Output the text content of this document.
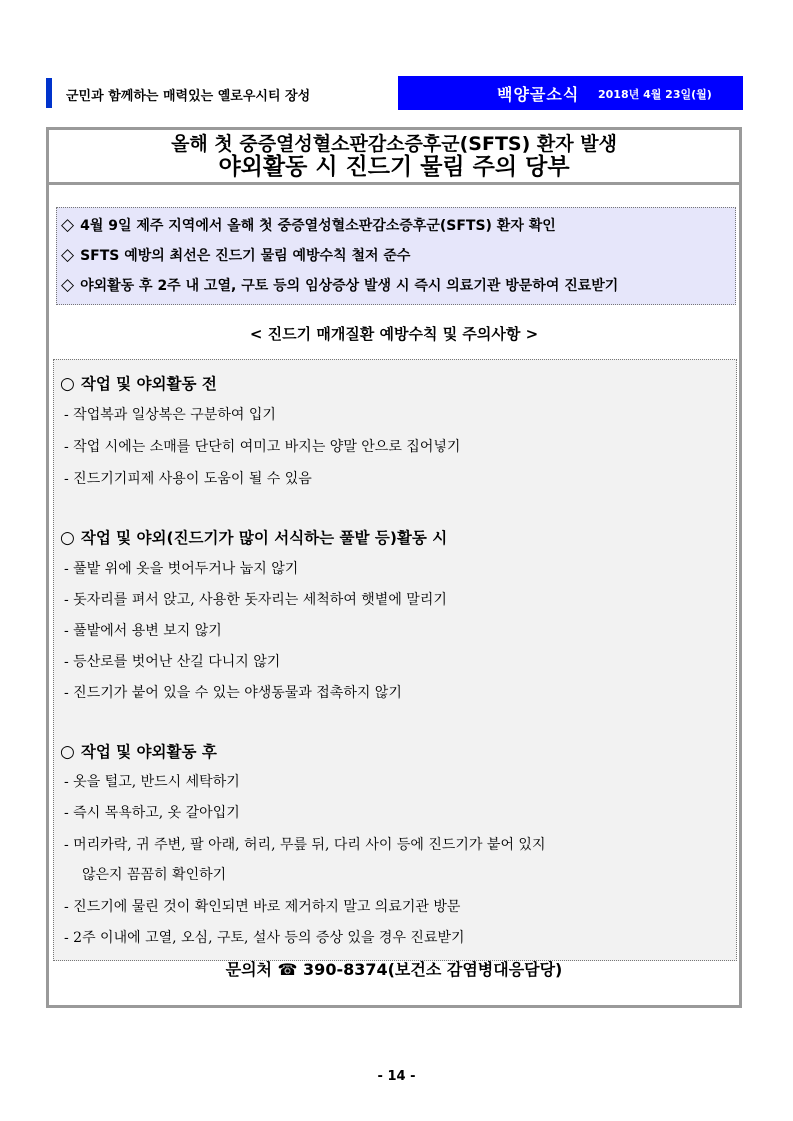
군민과 함께하는 매력있는 옐로우시티 장성	백양골소식 2018년 4월 23일(월)
올해 첫 중증열성혈소판감소증후군(SFTS) 환자 발생
야외활동 시 진드기 물림 주의 당부
◇ 4월 9일 제주 지역에서 올해 첫 중증열성혈소판감소증후군(SFTS) 환자 확인
◇ SFTS 예방의 최선은 진드기 물림 예방수칙 철저 준수
◇ 야외활동 후 2주 내 고열, 구토 등의 임상증상 발생 시 즉시 의료기관 방문하여 진료받기
< 진드기 매개질환 예방수칙 및 주의사항 >
○ 작업 및 야외활동 전
- 작업복과 일상복은 구분하여 입기
- 작업 시에는 소매를 단단히 여미고 바지는 양말 안으로 집어넣기
- 진드기기피제 사용이 도움이 될 수 있음
○ 작업 및 야외(진드기가 많이 서식하는 풀밭 등)활동 시
- 풀밭 위에 옷을 벗어두거나 눕지 않기
- 돗자리를 펴서 앉고, 사용한 돗자리는 세척하여 햇볕에 말리기
- 풀밭에서 용변 보지 않기
- 등산로를 벗어난 산길 다니지 않기
- 진드기가 붙어 있을 수 있는 야생동물과 접촉하지 않기
○ 작업 및 야외활동 후
- 옷을 털고, 반드시 세탁하기
- 즉시 목욕하고, 옷 갈아입기
- 머리카락, 귀 주변, 팔 아래, 허리, 무릎 뒤, 다리 사이 등에 진드기가 붙어 있지
않은지 꼼꼼히 확인하기
- 진드기에 물린 것이 확인되면 바로 제거하지 말고 의료기관 방문
- 2주 이내에 고열, 오심, 구토, 설사 등의 증상 있을 경우 진료받기
문의처 ☎ 390-8374(보건소 감염병대응담당)
- 14 -
